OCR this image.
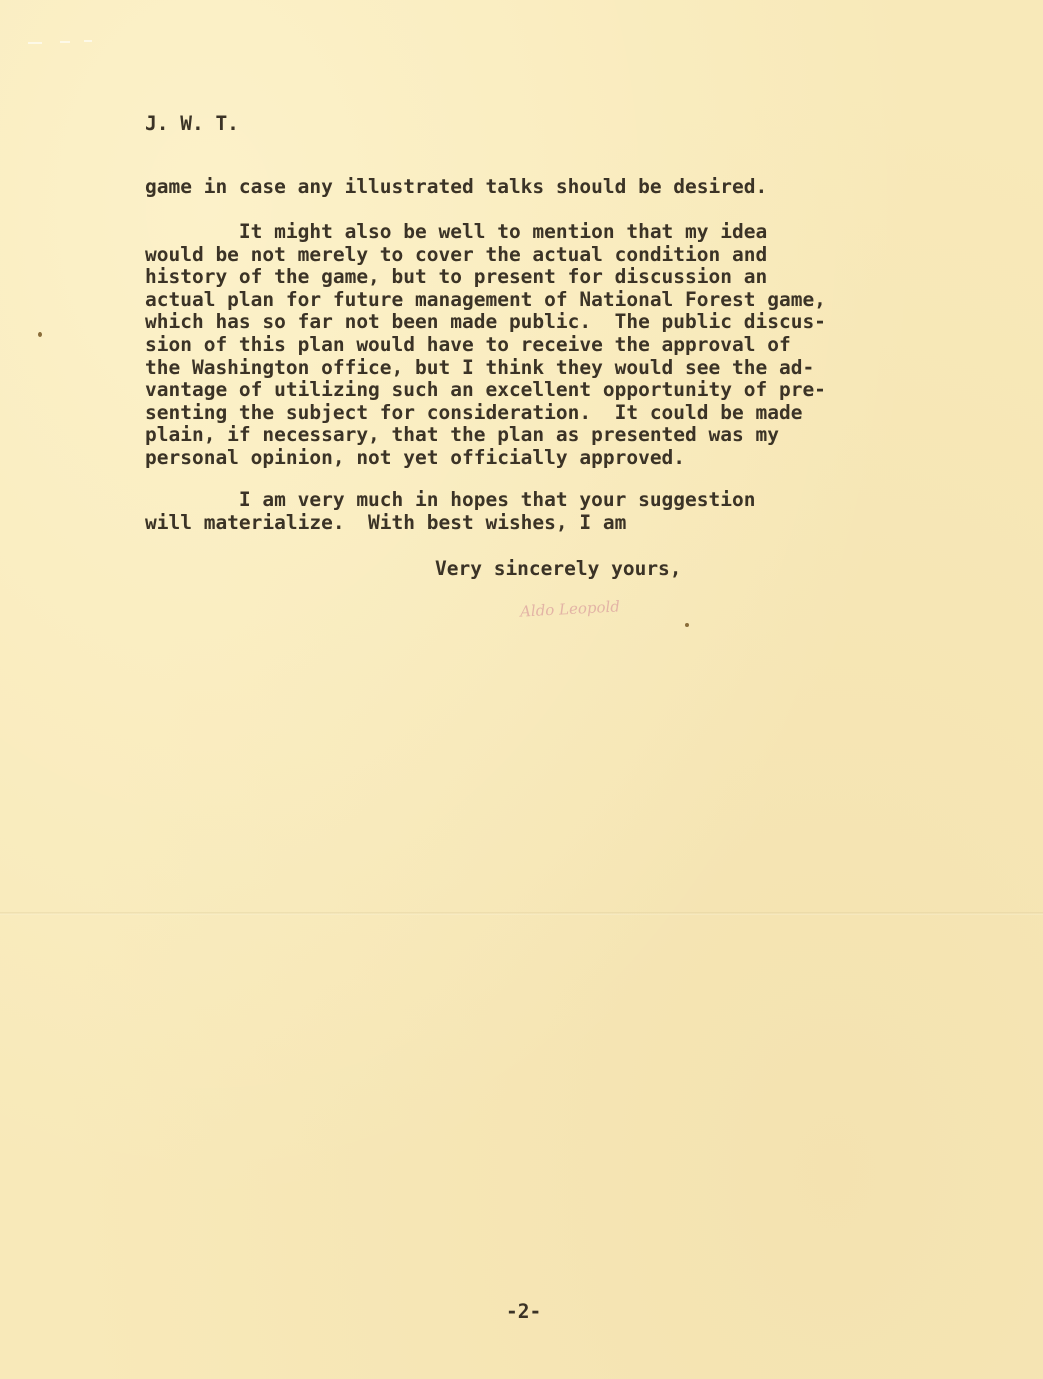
J. W. T.

game in case any illustrated talks should be desired.
It might also be well to mention that my idea
would be not merely to cover the actual condition and
history of the game, but to present for discussion an
actual plan for future management of National Forest game,
which has so far not been made public.  The public discus-
sion of this plan would have to receive the approval of
the Washington office, but I think they would see the ad-
vantage of utilizing such an excellent opportunity of pre-
senting the subject for consideration.  It could be made
plain, if necessary, that the plan as presented was my
personal opinion, not yet officially approved.
I am very much in hopes that your suggestion
will materialize.  With best wishes, I am

Very sincerely yours,

Aldo Leopold

-2-
